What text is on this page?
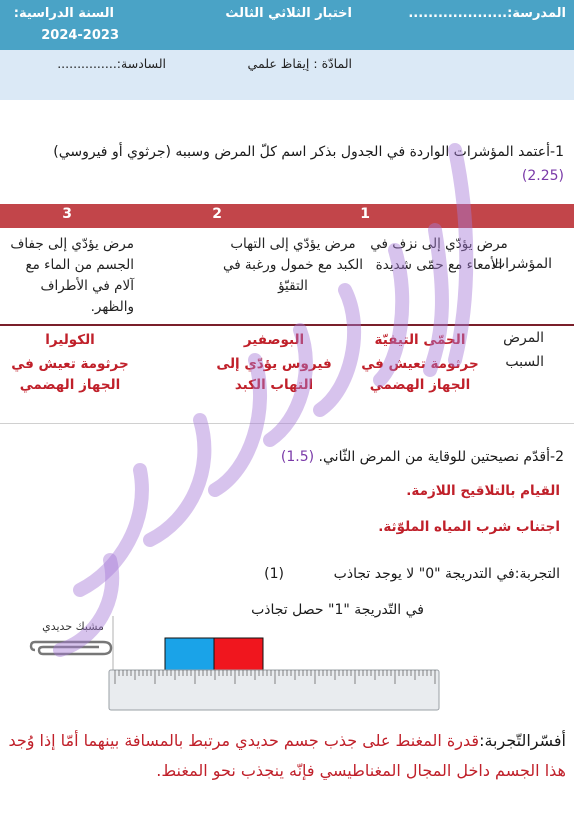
المدرسة:....................
اختبار الثلاثي الثالث
السنة الدراسية:
2024-2023
المادّة : إيقاظ علمي
السادسة:...............
1-أعتمد المؤشرات الواردة في الجدول بذكر اسم كلّ المرض وسببه (جرثوي أو فيروسي) (2.25)
1
2
3
المؤشرات
مرض يؤدّي إلى نزف في الأمعاء مع حمّى شديدة
مرض يؤدّي إلى التهاب الكبد مع خمول ورغبة في التقيّؤ
مرض يؤدّي إلى جفاف الجسم من الماء مع آلام في الأطراف والظهر.
المرض
السبب
الحمّى التيفيّة
البوصفير
الكوليرا
جرثومة تعيش في الجهاز الهضمي
فيروس يؤدّي إلى التهاب الكبد
جرثومة تعيش في الجهاز الهضمي
2-أقدّم نصيحتين للوقاية من المرض الثّاني. (1.5)
القيام بالتلاقيح اللازمة.
اجتناب شرب المياه الملوّثة.
التجربة:في التدريجة "0" لا يوجد تجاذب
(1)
في التّدريجة "1" حصل تجاذب
مشبك حديدي
أفسّرالتّجربة:قدرة المغنط على جذب جسم حديدي مرتبط بالمسافة بينهما أمّا إذا وُجد هذا الجسم داخل المجال المغناطيسي فإنّه ينجذب نحو المغنط.
